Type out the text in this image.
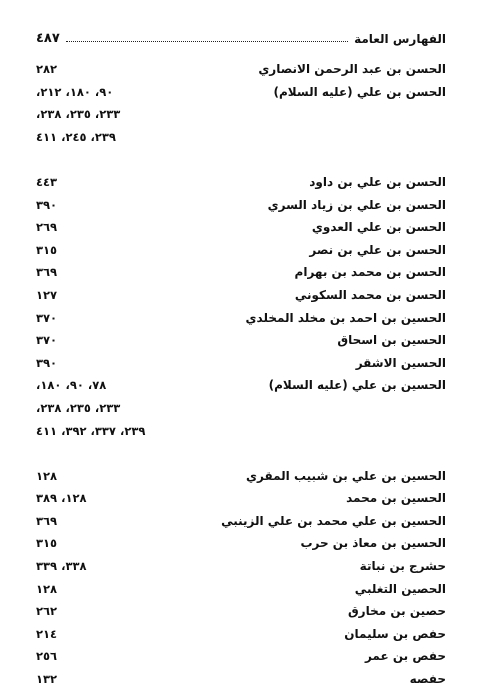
الفهارس العامة
٤٨٧
الحسن بن عبد الرحمن الانصاري
٢٨٢
الحسن بن علي (عليه السلام)
٩٠، ١٨٠، ٢١٢،
٢٣٣، ٢٣٥، ٢٣٨،
٢٣٩، ٢٤٥، ٤١١
الحسن بن علي بن داود
٤٤٣
الحسن بن علي بن زياد السري
٣٩٠
الحسن بن علي العدوي
٢٦٩
الحسن بن علي بن نصر
٣١٥
الحسن بن محمد بن بهرام
٣٦٩
الحسن بن محمد السكوني
١٢٧
الحسين بن احمد بن مخلد المخلدي
٣٧٠
الحسين بن اسحاق
٣٧٠
الحسين الاشقر
٣٩٠
الحسين بن علي (عليه السلام)
٧٨، ٩٠، ١٨٠،
٢٣٣، ٢٣٥، ٢٣٨،
٢٣٩، ٣٣٧، ٣٩٢، ٤١١
الحسين بن علي بن شبيب المقري
١٢٨
الحسين بن محمد
١٢٨، ٣٨٩
الحسين بن علي محمد بن علي الزينبي
٣٦٩
الحسين بن معاذ بن حرب
٣١٥
حشرج بن نباتة
٣٣٨، ٣٣٩
الحصين التغلبي
١٢٨
حصين بن مخارق
٢٦٢
حفص بن سليمان
٢١٤
حفص بن عمر
٢٥٦
حفصه
١٣٢
